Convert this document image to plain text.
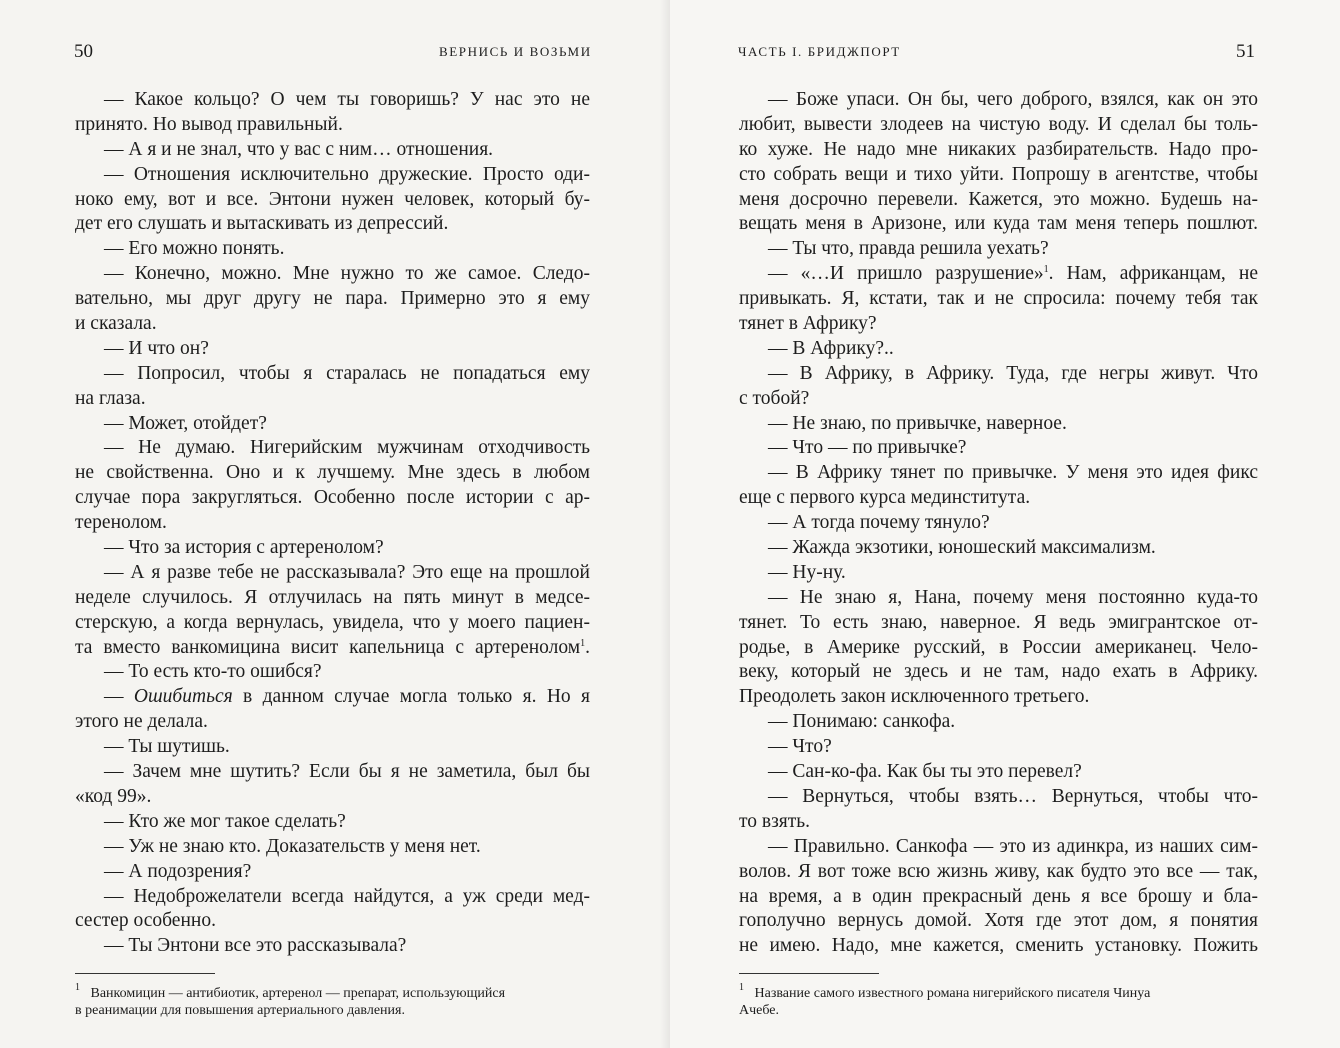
50	ВЕРНИСЬ И ВОЗЬМИ
— Какое кольцо? О чем ты говоришь? У нас это не
принято. Но вывод правильный.
— А я и не знал, что у вас с ним… отношения.
— Отношения исключительно дружеские. Просто оди-
ноко ему, вот и все. Энтони нужен человек, который бу-
дет его слушать и вытаскивать из депрессий.
— Его можно понять.
— Конечно, можно. Мне нужно то же самое. Следо-
вательно, мы друг другу не пара. Примерно это я ему
и сказала.
— И что он?
— Попросил, чтобы я старалась не попадаться ему
на глаза.
— Может, отойдет?
— Не думаю. Нигерийским мужчинам отходчивость
не свойственна. Оно и к лучшему. Мне здесь в любом
случае пора закругляться. Особенно после истории с ар-
теренолом.
— Что за история с артеренолом?
— А я разве тебе не рассказывала? Это еще на прошлой
неделе случилось. Я отлучилась на пять минут в медсе-
стерскую, а когда вернулась, увидела, что у моего пациен-
та вместо ванкомицина висит капельница с артеренолом$^1$.
— То есть кто-то ошибся?
— Ошибиться в данном случае могла только я. Но я
этого не делала.
— Ты шутишь.
— Зачем мне шутить? Если бы я не заметила, был бы
«код 99».
— Кто же мог такое сделать?
— Уж не знаю кто. Доказательств у меня нет.
— А подозрения?
— Недоброжелатели всегда найдутся, а уж среди мед-
сестер особенно.
— Ты Энтони все это рассказывала?
$^1$ Ванкомицин — антибиотик, артеренол — препарат, использующийся
в реанимации для повышения артериального давления.
ЧАСТЬ I. БРИДЖПОРТ	51
— Боже упаси. Он бы, чего доброго, взялся, как он это
любит, вывести злодеев на чистую воду. И сделал бы толь-
ко хуже. Не надо мне никаких разбирательств. Надо про-
сто собрать вещи и тихо уйти. Попрошу в агентстве, чтобы
меня досрочно перевели. Кажется, это можно. Будешь на-
вещать меня в Аризоне, или куда там меня теперь пошлют.
— Ты что, правда решила уехать?
— «…И пришло разрушение»$^1$. Нам, африканцам, не
привыкать. Я, кстати, так и не спросила: почему тебя так
тянет в Африку?
— В Африку?..
— В Африку, в Африку. Туда, где негры живут. Что
с тобой?
— Не знаю, по привычке, наверное.
— Что — по привычке?
— В Африку тянет по привычке. У меня это идея фикс
еще с первого курса мединститута.
— А тогда почему тянуло?
— Жажда экзотики, юношеский максимализм.
— Ну-ну.
— Не знаю я, Нана, почему меня постоянно куда-то
тянет. То есть знаю, наверное. Я ведь эмигрантское от-
родье, в Америке русский, в России американец. Чело-
веку, который не здесь и не там, надо ехать в Африку.
Преодолеть закон исключенного третьего.
— Понимаю: санкофа.
— Что?
— Сан-ко-фа. Как бы ты это перевел?
— Вернуться, чтобы взять… Вернуться, чтобы что-
то взять.
— Правильно. Санкофа — это из адинкра, из наших сим-
волов. Я вот тоже всю жизнь живу, как будто это все — так,
на время, а в один прекрасный день я все брошу и бла-
гополучно вернусь домой. Хотя где этот дом, я понятия
не имею. Надо, мне кажется, сменить установку. Пожить
$^1$ Название самого известного романа нигерийского писателя Чинуа
Ачебе.
